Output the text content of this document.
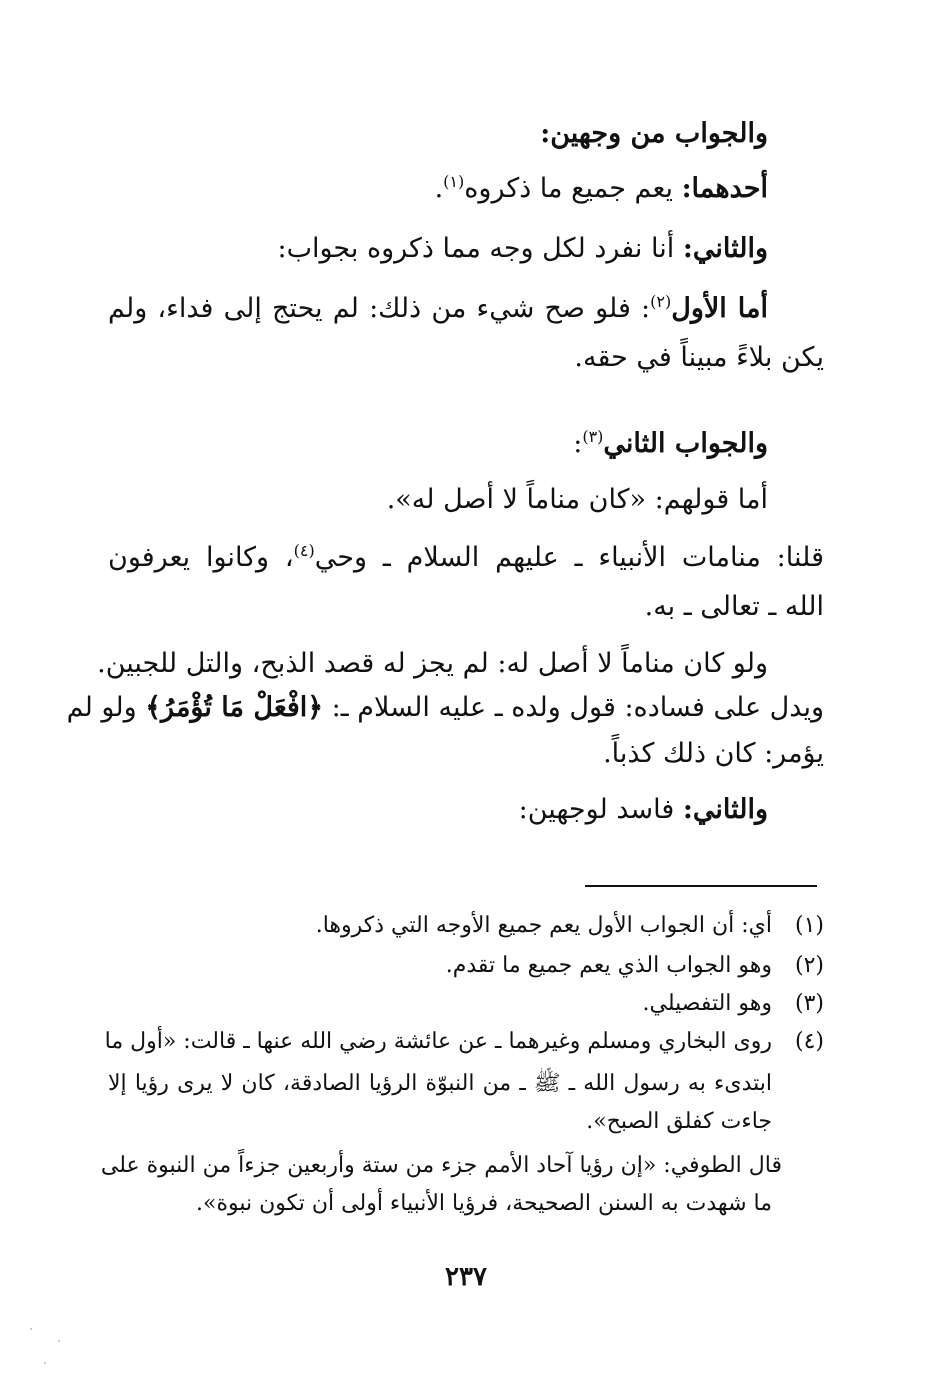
والجواب من وجهين:
أحدهما: يعم جميع ما ذكروه$^{(١)}$.
والثاني: أنا نفرد لكل وجه مما ذكروه بجواب:
أما الأول$^{(٢)}$: فلو صح شيء من ذلك: لم يحتج إلى فداء، ولم
يكن بلاءً مبيناً في حقه.
والجواب الثاني$^{(٣)}$:
أما قولهم: «كان مناماً لا أصل له».
قلنا: منامات الأنبياء ـ عليهم السلام ـ وحي$^{(٤)}$، وكانوا يعرفون
الله ـ تعالى ـ به.
ولو كان مناماً لا أصل له: لم يجز له قصد الذبح، والتل للجبين.
ويدل على فساده: قول ولده ـ عليه السلام ـ: ﴿افْعَلْ مَا تُؤْمَرُ﴾ ولو لم
يؤمر: كان ذلك كذباً.
والثاني: فاسد لوجهين:
(١)أي: أن الجواب الأول يعم جميع الأوجه التي ذكروها.
(٢)وهو الجواب الذي يعم جميع ما تقدم.
(٣)وهو التفصيلي.
(٤)روى البخاري ومسلم وغيرهما ـ عن عائشة رضي الله عنها ـ قالت: «أول ما
ابتدىء به رسول الله ـ ﷺ ـ من النبوّة الرؤيا الصادقة، كان لا يرى رؤيا إلا
جاءت كفلق الصبح».
قال الطوفي: «إن رؤيا آحاد الأمم جزء من ستة وأربعين جزءاً من النبوة على
ما شهدت به السنن الصحيحة، فرؤيا الأنبياء أولى أن تكون نبوة».
٢٣٧
